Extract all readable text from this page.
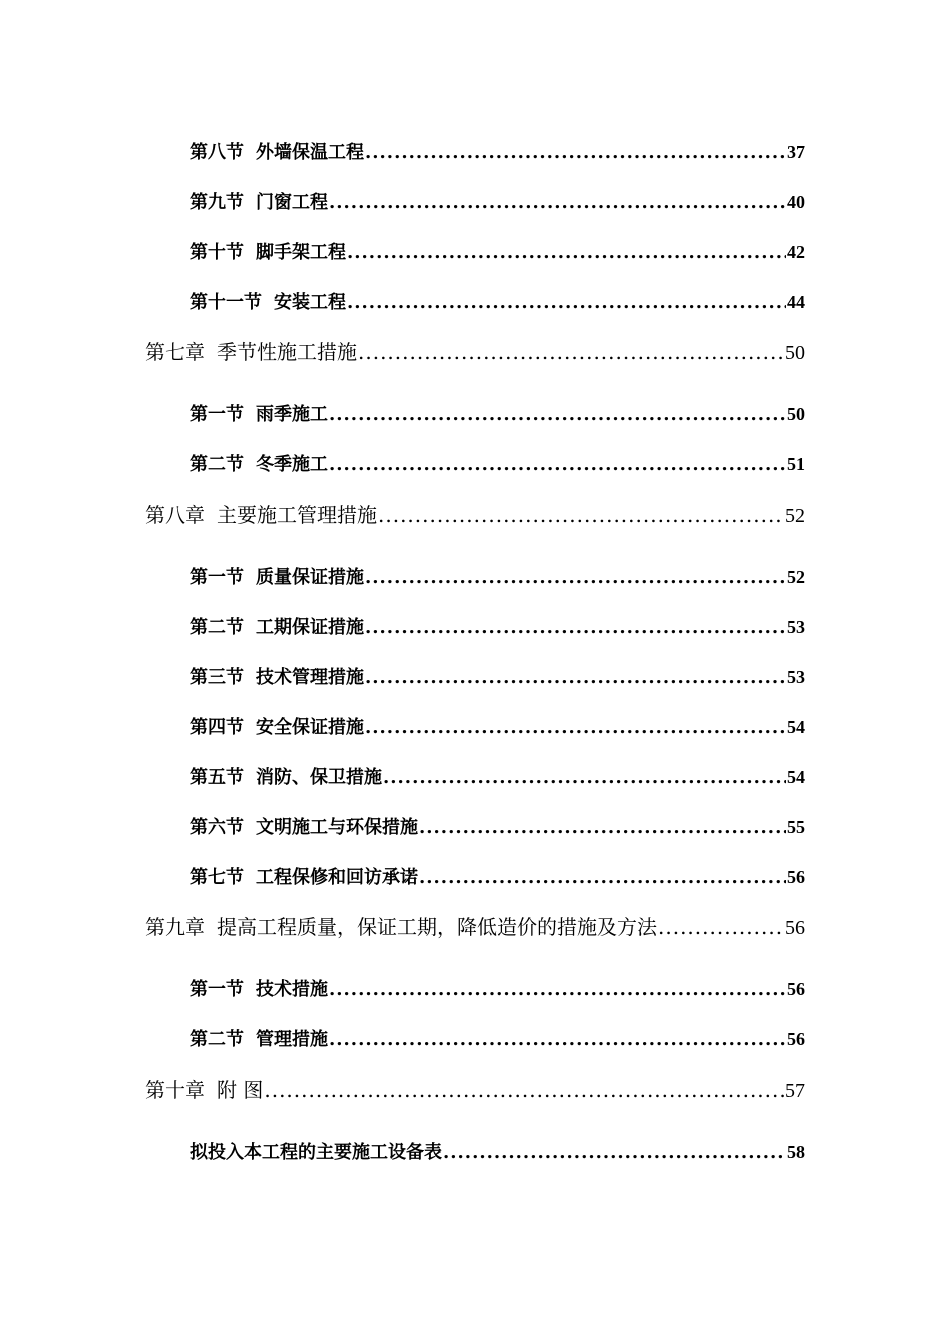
第八节 外墙保温工程 .....	37
第九节 门窗工程 .....	40
第十节 脚手架工程 .....	42
第十一节 安装工程 .....	44
第七章 季节性施工措施 .....	50
第一节 雨季施工 .....	50
第二节 冬季施工 .....	51
第八章 主要施工管理措施 .....	52
第一节 质量保证措施 .....	52
第二节 工期保证措施 .....	53
第三节 技术管理措施 .....	53
第四节 安全保证措施 .....	54
第五节 消防、保卫措施 .....	54
第六节 文明施工与环保措施 .....	55
第七节 工程保修和回访承诺 .....	56
第九章 提高工程质量，保证工期，降低造价的措施及方法 .....	56
第一节 技术措施 .....	56
第二节 管理措施 .....	56
第十章 附 图 .....	57
拟投入本工程的主要施工设备表 .....	58
